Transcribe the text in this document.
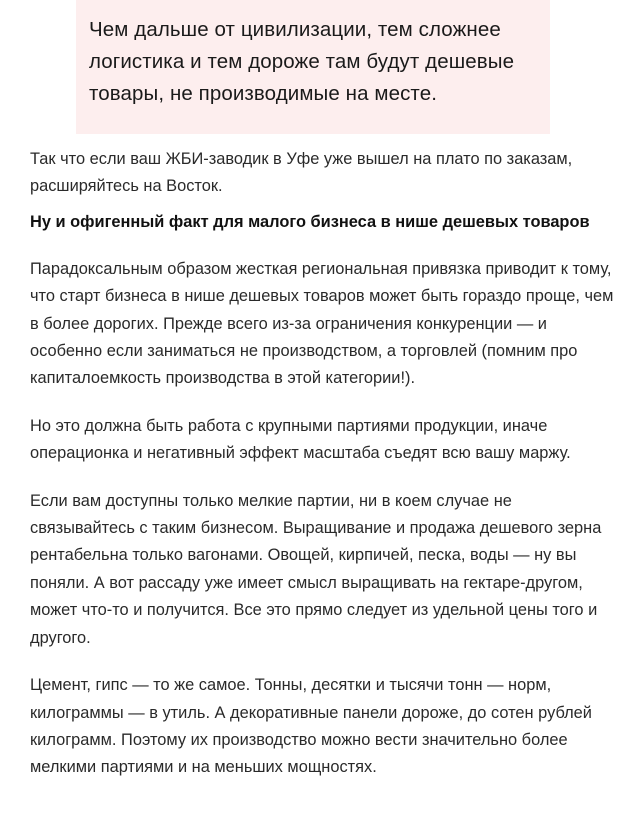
Чем дальше от цивилизации, тем сложнее логистика и тем дороже там будут дешевые товары, не производимые на месте.

Так что если ваш ЖБИ-заводик в Уфе уже вышел на плато по заказам, расширяйтесь на Восток.

Ну и офигенный факт для малого бизнеса в нише дешевых товаров

Парадоксальным образом жесткая региональная привязка приводит к тому, что старт бизнеса в нише дешевых товаров может быть гораздо проще, чем в более дорогих. Прежде всего из-за ограничения конкуренции — и особенно если заниматься не производством, а торговлей (помним про капиталоемкость производства в этой категории!).

Но это должна быть работа с крупными партиями продукции, иначе операционка и негативный эффект масштаба съедят всю вашу маржу.

Если вам доступны только мелкие партии, ни в коем случае не связывайтесь с таким бизнесом. Выращивание и продажа дешевого зерна рентабельна только вагонами. Овощей, кирпичей, песка, воды — ну вы поняли. А вот рассаду уже имеет смысл выращивать на гектаре-другом, может что-то и получится. Все это прямо следует из удельной цены того и другого.

Цемент, гипс — то же самое. Тонны, десятки и тысячи тонн — норм, килограммы — в утиль. А декоративные панели дороже, до сотен рублей килограмм. Поэтому их производство можно вести значительно более мелкими партиями и на меньших мощностях.
